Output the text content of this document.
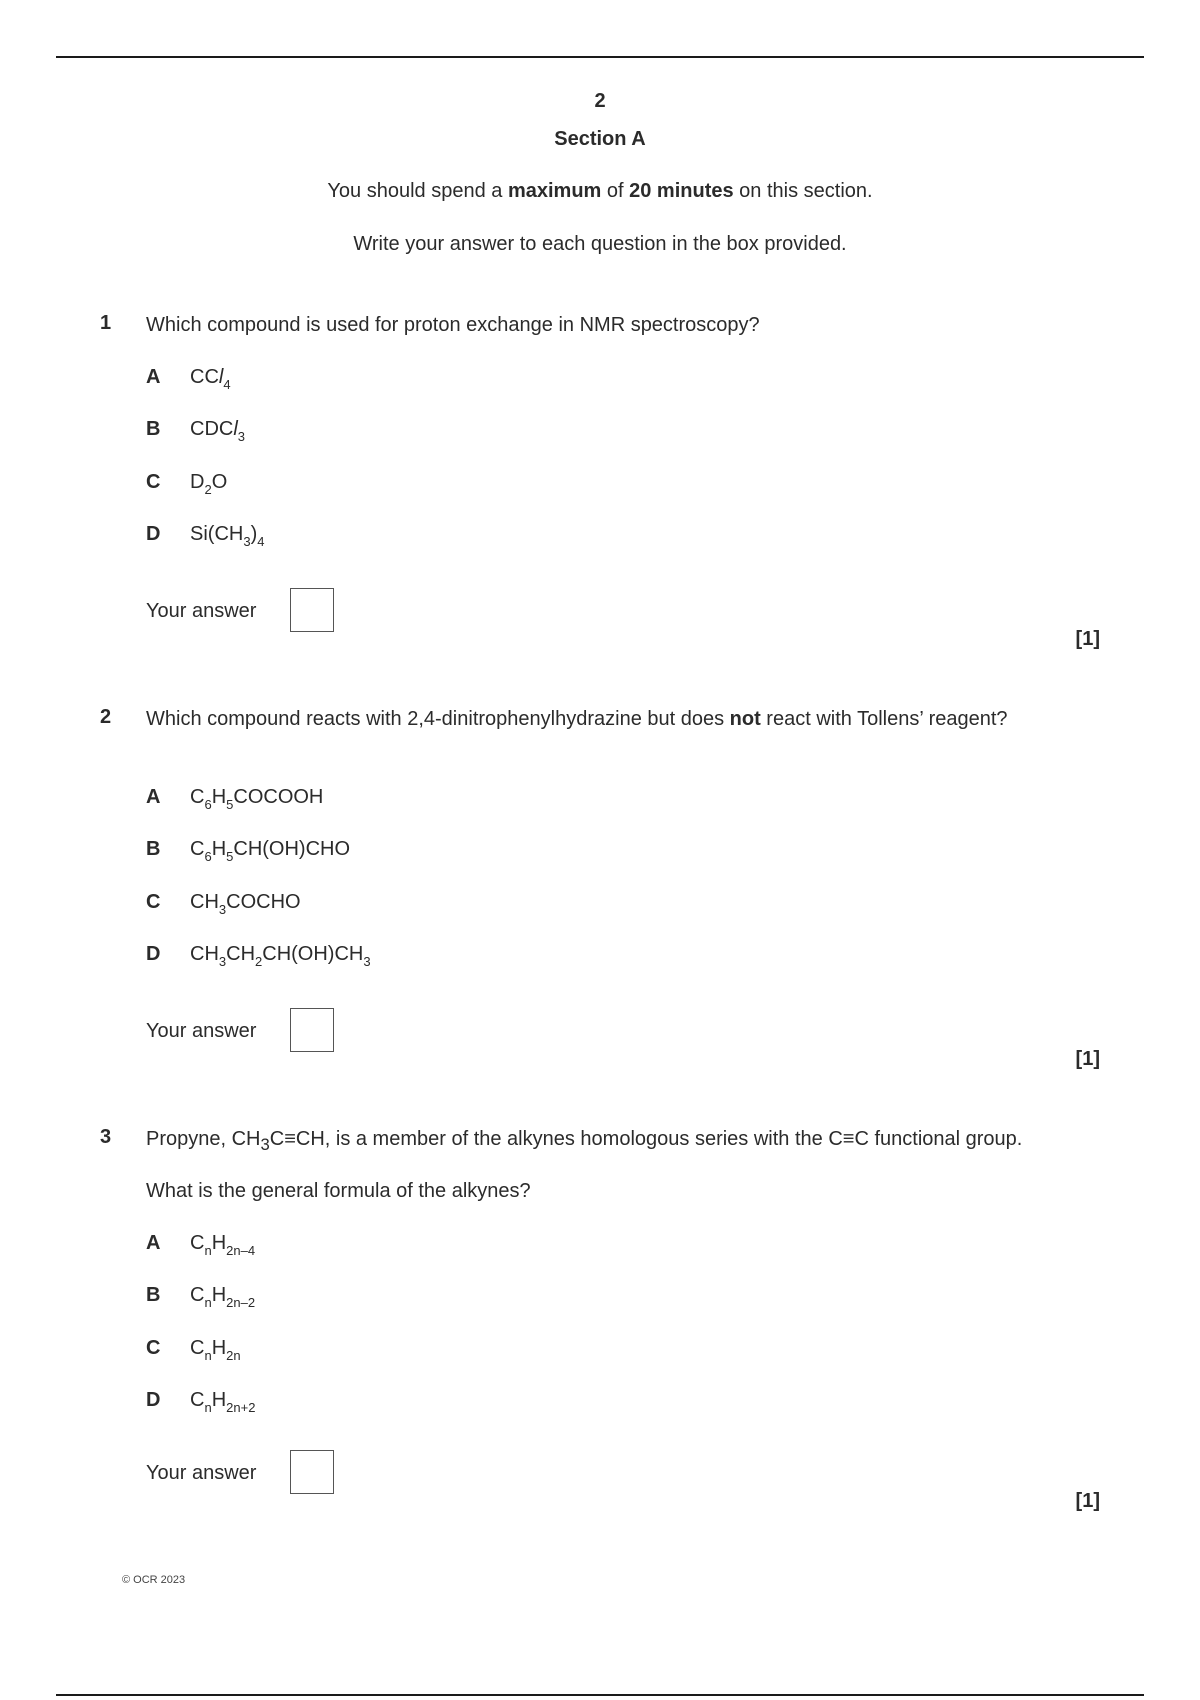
2
Section A
You should spend a maximum of 20 minutes on this section.
Write your answer to each question in the box provided.
1 Which compound is used for proton exchange in NMR spectroscopy?
A CCl$_4$
B CDCl$_3$
C $D_2O$
D $Si(CH_3)_4$
Your answer
[1]
2 Which compound reacts with 2,4-dinitrophenylhydrazine but does not react with Tollens’ reagent?
A $C_6H_5COCOOH$
B $C_6H_5CH(OH)CHO$
C $CH_3COCHO$
D $CH_3CH_2CH(OH)CH_3$
Your answer
[1]
3 Propyne, $CH_3C\equiv CH$, is a member of the alkynes homologous series with the C≡C functional group.
What is the general formula of the alkynes?
A $C_nH_{2n-4}$
B $C_nH_{2n-2}$
C $C_nH_{2n}$
D $C_nH_{2n+2}$
Your answer
[1]
© OCR 2023
